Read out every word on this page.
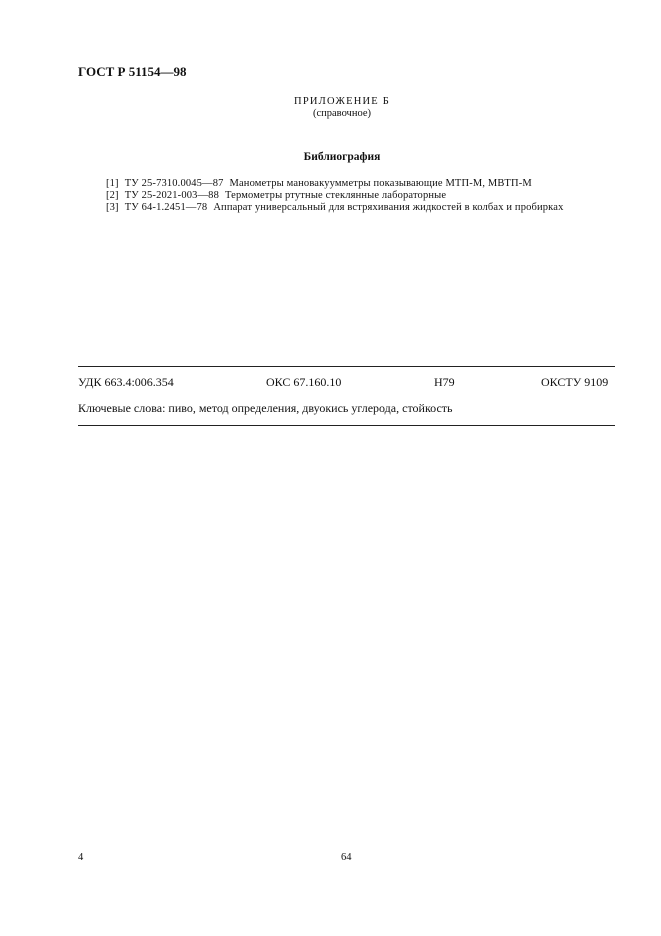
ГОСТ Р 51154—98
ПРИЛОЖЕНИЕ Б
(справочное)
Библиография
[1] ТУ 25-7310.0045—87 Манометры мановакуумметры показывающие МТП-М, МВТП-М
[2] ТУ 25-2021-003—88 Термометры ртутные стеклянные лабораторные
[3] ТУ 64-1.2451—78 Аппарат универсальный для встряхивания жидкостей в колбах и пробирках
УДК 663.4:006.354	ОКС 67.160.10	Н79	ОКСТУ 9109
Ключевые слова: пиво, метод определения, двуокись углерода, стойкость
4	64
